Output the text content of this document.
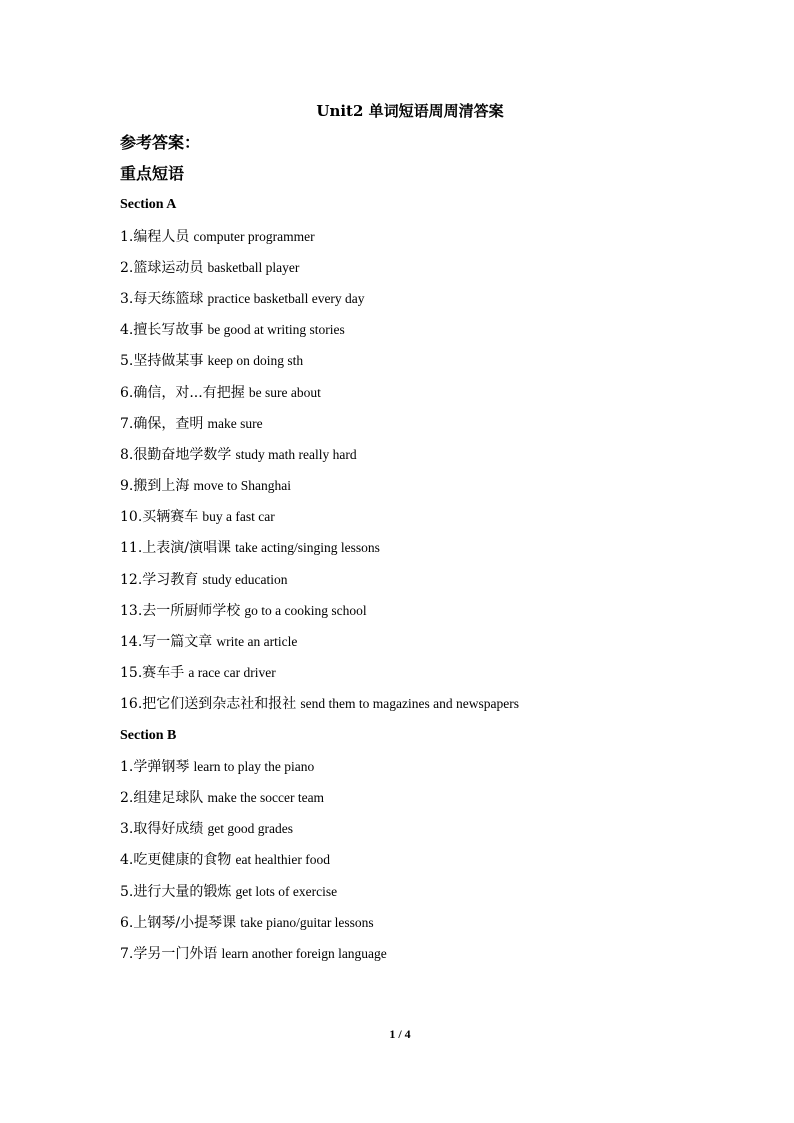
Unit2 单词短语周周清答案
参考答案：
重点短语
Section A
1.编程人员 computer programmer
2.篮球运动员 basketball player
3.每天练篮球 practice basketball every day
4.擅长写故事 be good at writing stories
5.坚持做某事 keep on doing sth
6.确信，对...有把握 be sure about
7.确保，查明 make sure
8.很勤奋地学数学 study math really hard
9.搬到上海 move to Shanghai
10.买辆赛车 buy a fast car
11.上表演/演唱课 take acting/singing lessons
12.学习教育 study education
13.去一所厨师学校 go to a cooking school
14.写一篇文章 write an article
15.赛车手 a race car driver
16.把它们送到杂志社和报社 send them to magazines and newspapers
Section B
1.学弹钢琴 learn to play the piano
2.组建足球队 make the soccer team
3.取得好成绩 get good grades
4.吃更健康的食物 eat healthier food
5.进行大量的锻炼 get lots of exercise
6.上钢琴/小提琴课 take piano/guitar lessons
7.学另一门外语 learn another foreign language
1 / 4
